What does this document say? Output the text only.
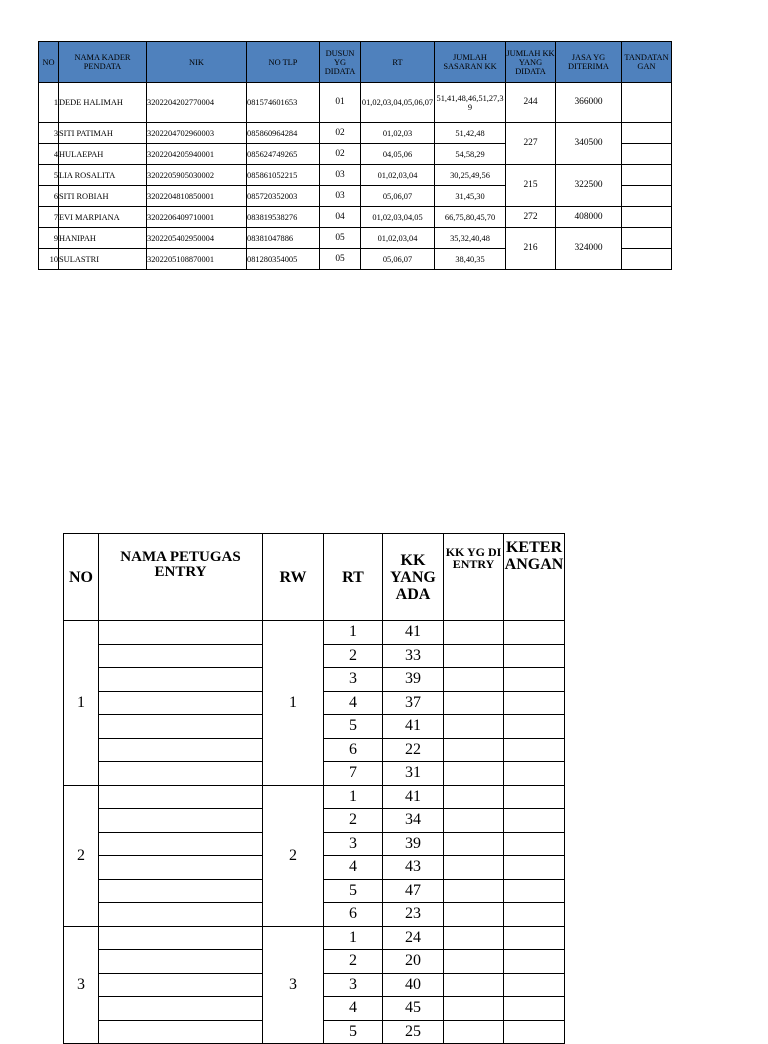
NO	NAMA KADER PENDATA	NIK	NO TLP	DUSUN YG DIDATA	RT	JUMLAH SASARAN KK	JUMLAH KK YANG DIDATA	JASA YG DITERIMA	TANDATANGAN
1	DEDE HALIMAH	3202204202770004	081574601653	01	01,02,03,04,05,06,07	51,41,48,46,51,27,39	244	366000	
3	SITI PATIMAH	3202204702960003	085860964284	02	01,02,03	51,42,48	227	340500	
4	HULAEPAH	3202204205940001	085624749265	02	04,05,06	54,58,29			
5	LIA ROSALITA	3202205905030002	085861052215	03	01,02,03,04	30,25,49,56	215	322500	
6	SITI ROBIAH	3202204810850001	085720352003	03	05,06,07	31,45,30			
7	EVI MARPIANA	3202206409710001	083819538276	04	01,02,03,04,05	66,75,80,45,70	272	408000	
9	HANIPAH	3202205402950004	08381047886	05	01,02,03,04	35,32,40,48	216	324000	
10	SULASTRI	3202205108870001	081280354005	05	05,06,07	38,40,35			
NO	NAMA PETUGAS ENTRY	RW	RT	KK YANG ADA	KK YG DI ENTRY	KETERANGAN
1		1	1	41		
			2	33		
			3	39		
			4	37		
			5	41		
			6	22		
			7	31		
2		2	1	41		
			2	34		
			3	39		
			4	43		
			5	47		
			6	23		
3		3	1	24		
			2	20		
			3	40		
			4	45		
			5	25		
